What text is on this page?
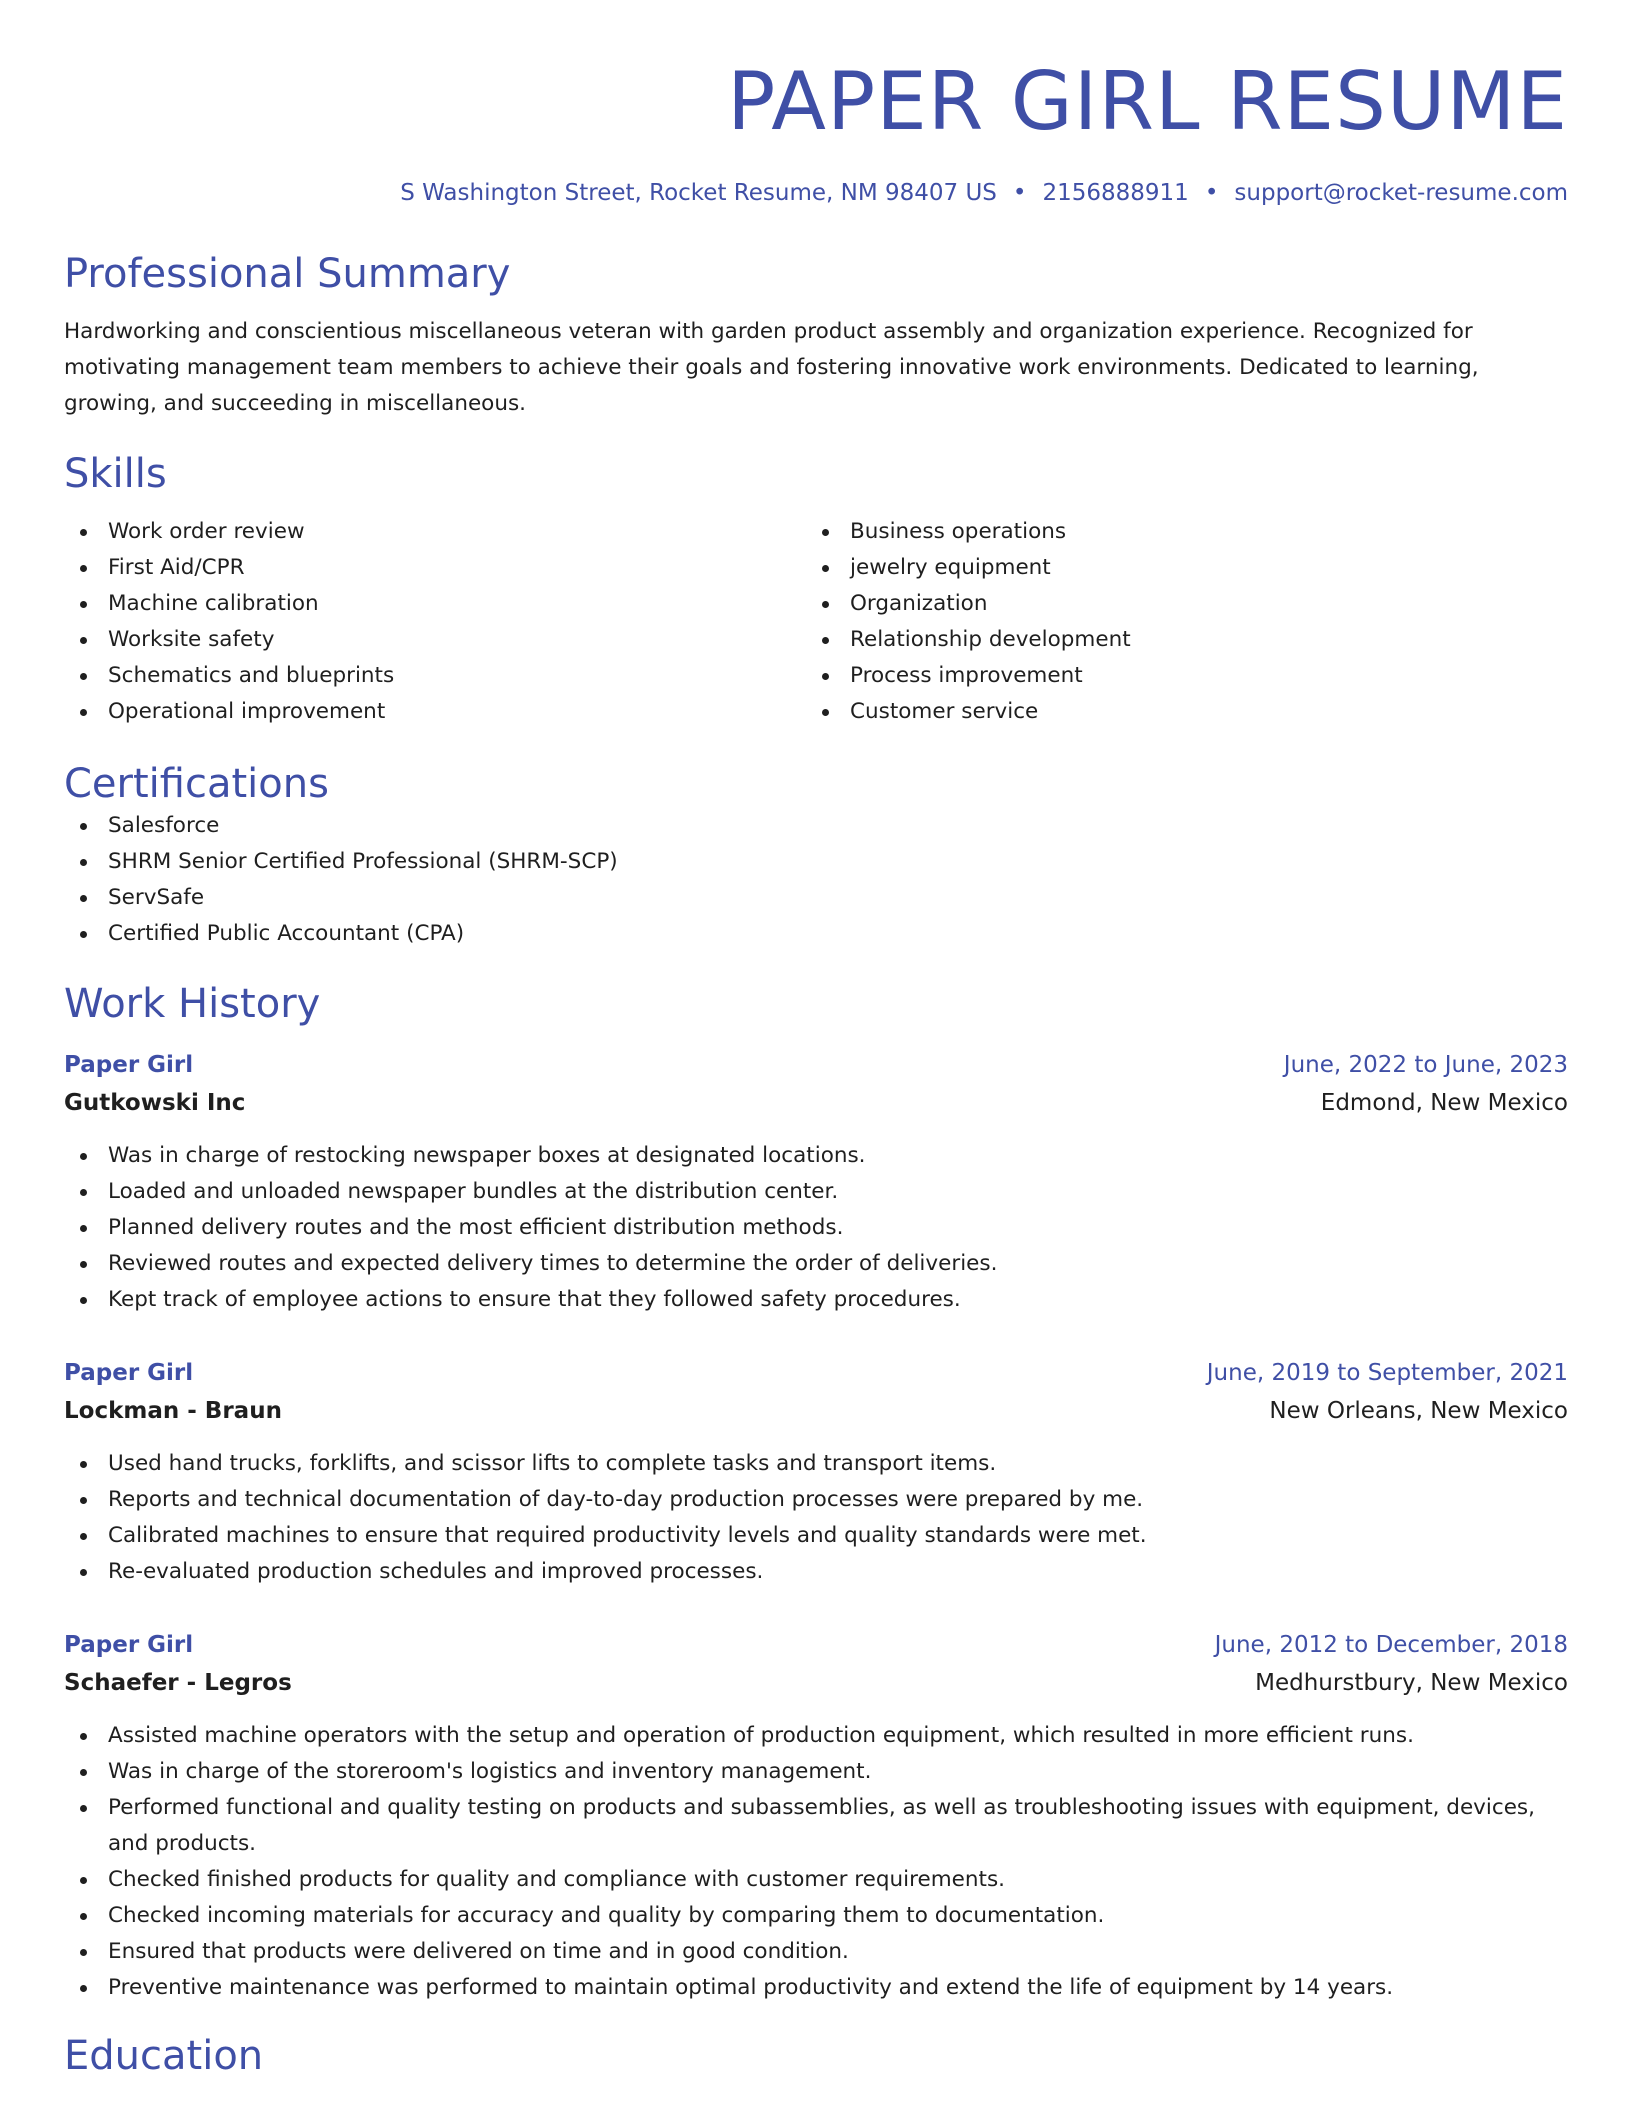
PAPER GIRL RESUME
S Washington Street, Rocket Resume, NM 98407 US • 2156888911 • support@rocket-resume.com
Professional Summary

Hardworking and conscientious miscellaneous veteran with garden product assembly and organization experience. Recognized for motivating management team members to achieve their goals and fostering innovative work environments. Dedicated to learning, growing, and succeeding in miscellaneous.

Skills
Work order review
First Aid/CPR
Machine calibration
Worksite safety
Schematics and blueprints
Operational improvement
Business operations
jewelry equipment
Organization
Relationship development
Process improvement
Customer service
Certifications
Salesforce
SHRM Senior Certified Professional (SHRM-SCP)
ServSafe
Certified Public Accountant (CPA)
Work History
Paper Girl	June, 2022 to June, 2023
Gutkowski Inc	Edmond, New Mexico
Was in charge of restocking newspaper boxes at designated locations.
Loaded and unloaded newspaper bundles at the distribution center.
Planned delivery routes and the most efficient distribution methods.
Reviewed routes and expected delivery times to determine the order of deliveries.
Kept track of employee actions to ensure that they followed safety procedures.
Paper Girl	June, 2019 to September, 2021
Lockman - Braun	New Orleans, New Mexico
Used hand trucks, forklifts, and scissor lifts to complete tasks and transport items.
Reports and technical documentation of day-to-day production processes were prepared by me.
Calibrated machines to ensure that required productivity levels and quality standards were met.
Re-evaluated production schedules and improved processes.
Paper Girl	June, 2012 to December, 2018
Schaefer - Legros	Medhurstbury, New Mexico
Assisted machine operators with the setup and operation of production equipment, which resulted in more efficient runs.
Was in charge of the storeroom's logistics and inventory management.
Performed functional and quality testing on products and subassemblies, as well as troubleshooting issues with equipment, devices, and products.
Checked finished products for quality and compliance with customer requirements.
Checked incoming materials for accuracy and quality by comparing them to documentation.
Ensured that products were delivered on time and in good condition.
Preventive maintenance was performed to maintain optimal productivity and extend the life of equipment by 14 years.
Education
